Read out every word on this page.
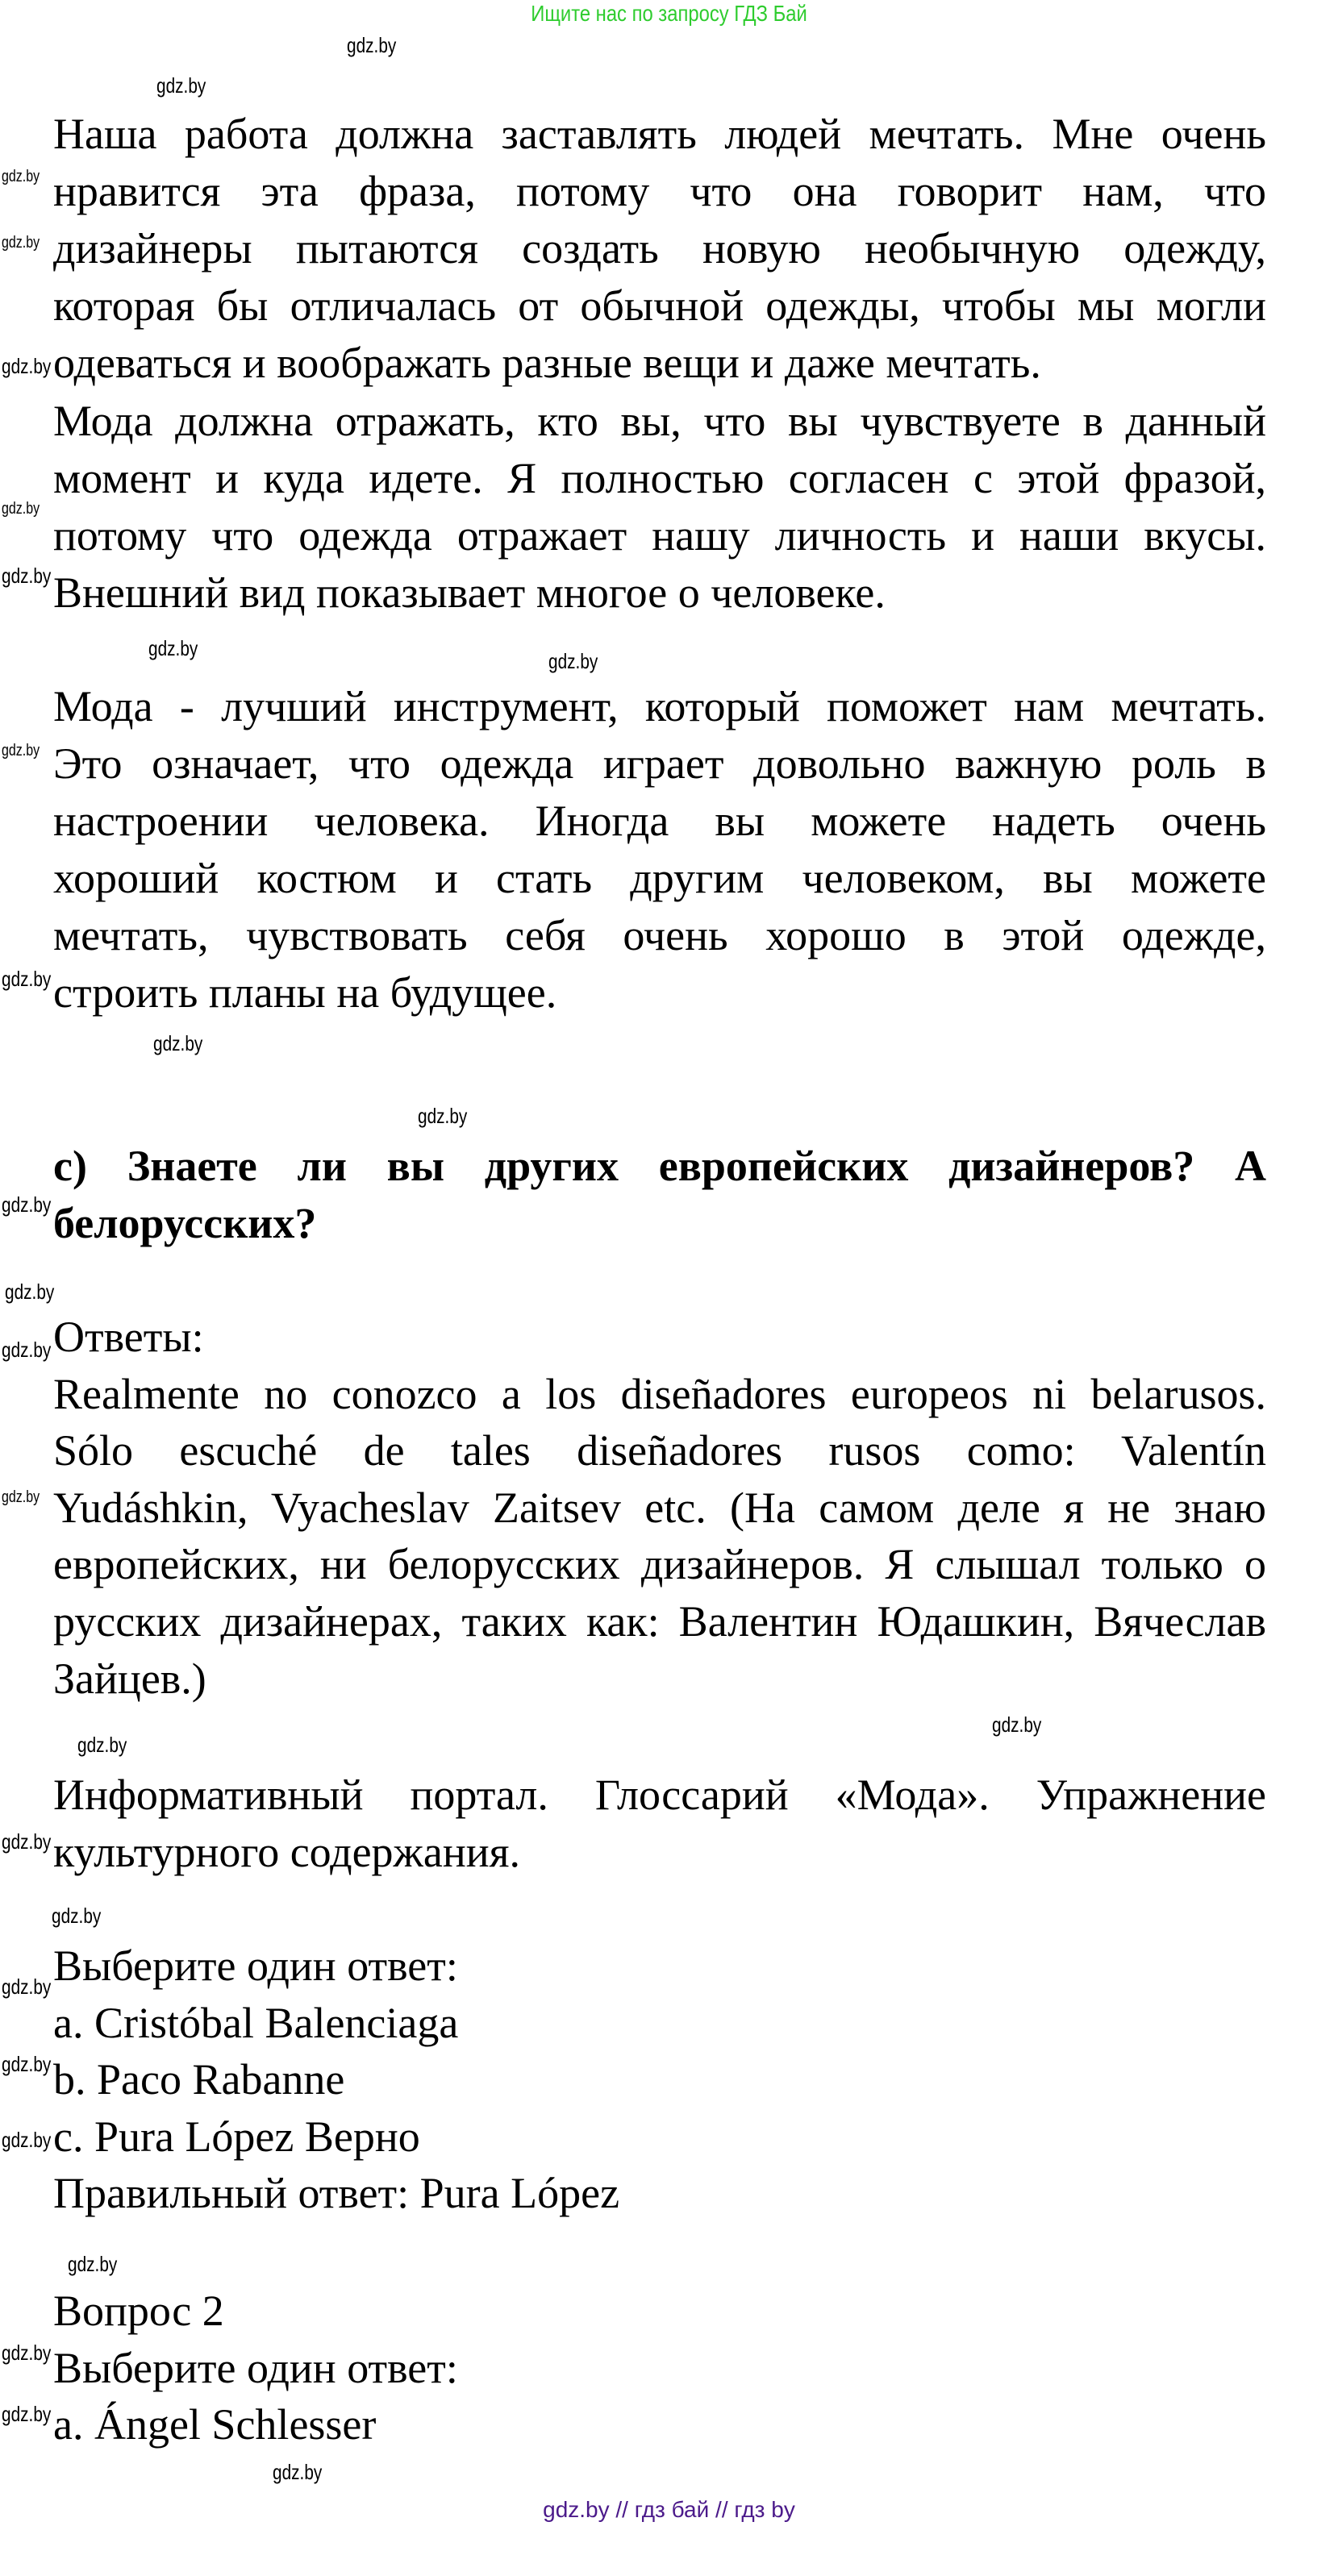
Ищите нас по запросу ГДЗ Бай
Наша работа должна заставлять людей мечтать. Мне очень
нравится эта фраза, потому что она говорит нам, что
дизайнеры пытаются создать новую необычную одежду,
которая бы отличалась от обычной одежды, чтобы мы могли
одеваться и воображать разные вещи и даже мечтать.
Мода должна отражать, кто вы, что вы чувствуете в данный
момент и куда идете. Я полностью согласен с этой фразой,
потому что одежда отражает нашу личность и наши вкусы.
Внешний вид показывает многое о человеке.
Мода - лучший инструмент, который поможет нам мечтать.
Это означает, что одежда играет довольно важную роль в
настроении человека. Иногда вы можете надеть очень
хороший костюм и стать другим человеком, вы можете
мечтать, чувствовать себя очень хорошо в этой одежде,
строить планы на будущее.
c) Знаете ли вы других европейских дизайнеров? А
белорусских?
Ответы:
Realmente no conozco a los diseñadores europeos ni belarusos.
Sólo escuché de tales diseñadores rusos como: Valentín
Yudáshkin, Vyacheslav Zaitsev etc. (На самом деле я не знаю
европейских, ни белорусских дизайнеров. Я слышал только о
русских дизайнерах, таких как: Валентин Юдашкин, Вячеслав
Зайцев.)
Информативный портал. Глоссарий «Мода». Упражнение
культурного содержания.
Выберите один ответ:
a. Cristóbal Balenciaga
b. Paco Rabanne
c. Pura López Верно
Правильный ответ: Pura López
Вопрос 2
Выберите один ответ:
a. Ángel Schlesser
gdz.by
gdz.by
gdz.by
gdz.by
gdz.by
gdz.by
gdz.by
gdz.by
gdz.by
gdz.by
gdz.by
gdz.by
gdz.by
gdz.by
gdz.by
gdz.by
gdz.by
gdz.by
gdz.by
gdz.by
gdz.by
gdz.by
gdz.by
gdz.by
gdz.by
gdz.by
gdz.by
gdz.by
gdz.by // гдз бай // гдз by
